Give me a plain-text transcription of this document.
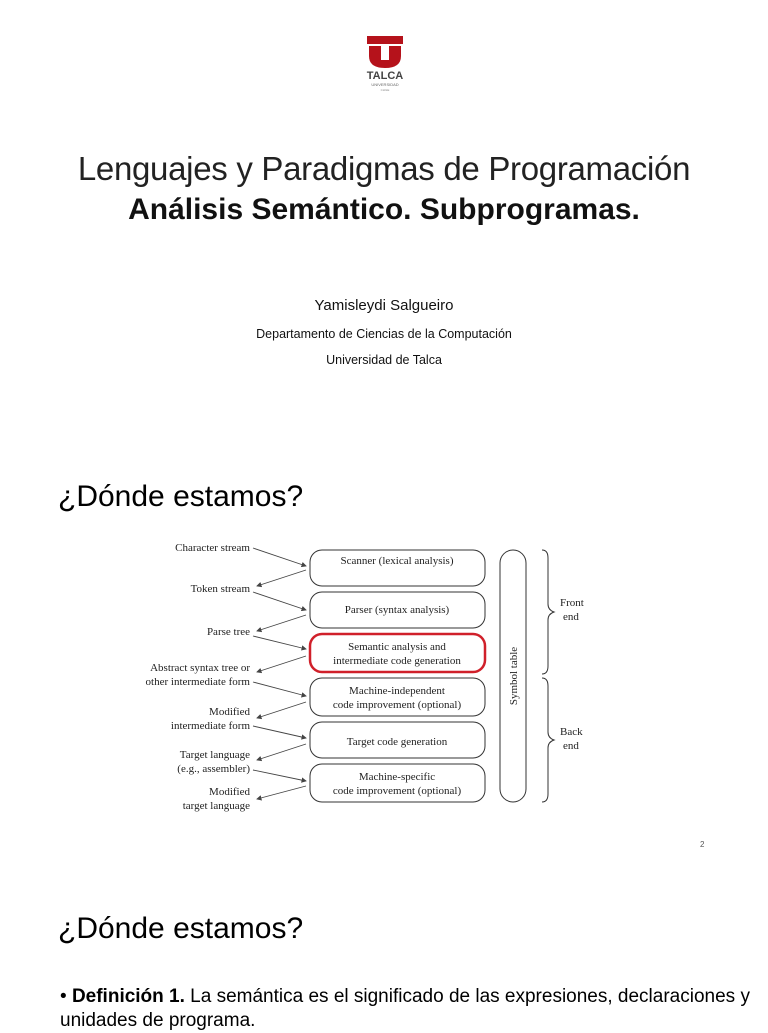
TALCA
UNIVERSIDAD
CHILE
Lenguajes y Paradigmas de Programación
Análisis Semántico. Subprogramas.
Yamisleydi Salgueiro
Departamento de Ciencias de la Computación
Universidad de Talca
¿Dónde estamos?
Character stream
Token stream
Parse tree
Abstract syntax tree or
other intermediate form
Modified
intermediate form
Target language
(e.g., assembler)
Modified
target language
Scanner (lexical analysis)
Parser (syntax analysis)
Semantic analysis and
intermediate code generation
Machine-independent
code improvement (optional)
Target code generation
Machine-specific
code improvement (optional)
Symbol table
Front
end
Back
end
2
¿Dónde estamos?
• Definición 1. La semántica es el significado de las expresiones, declaraciones y unidades de programa.
